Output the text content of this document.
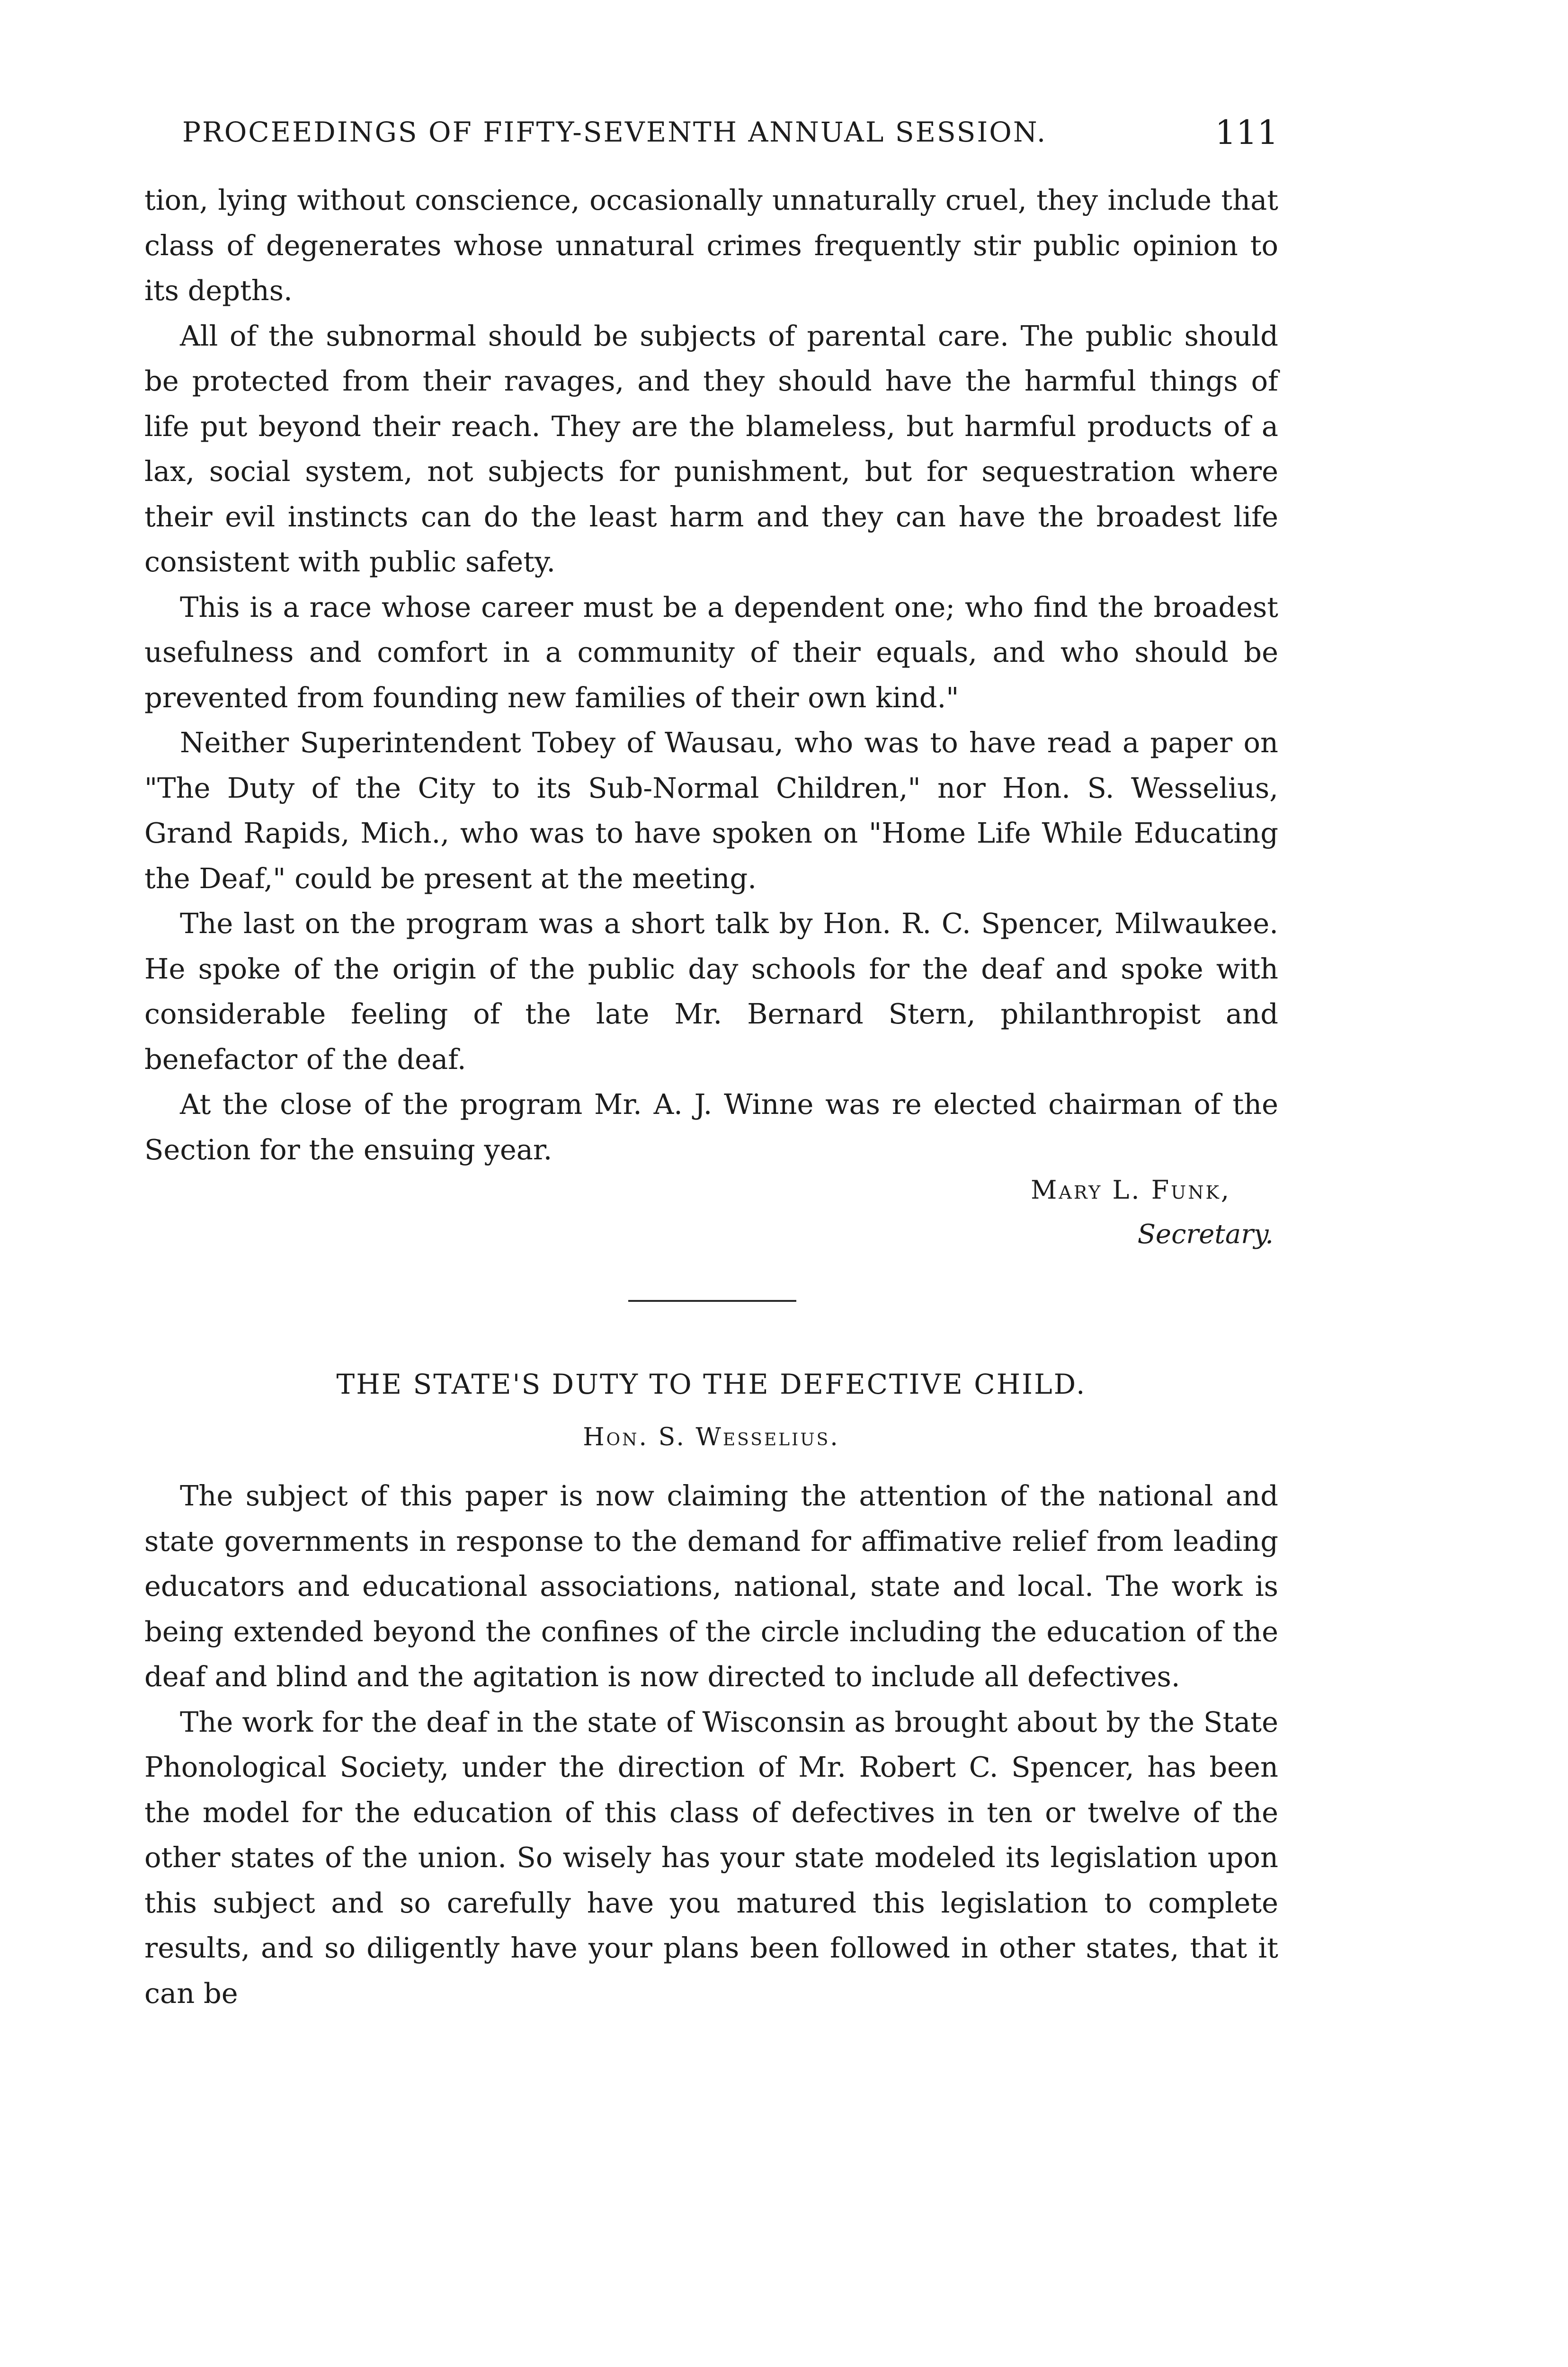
PROCEEDINGS OF FIFTY-SEVENTH ANNUAL SESSION.	111

tion, lying without conscience, occasionally unnaturally cruel, they include that class of degenerates whose unnatural crimes frequently stir public opinion to its depths.

All of the subnormal should be subjects of parental care. The public should be protected from their ravages, and they should have the harmful things of life put beyond their reach. They are the blameless, but harmful products of a lax, social system, not subjects for punishment, but for sequestration where their evil instincts can do the least harm and they can have the broadest life consistent with public safety.

This is a race whose career must be a dependent one; who find the broadest usefulness and comfort in a community of their equals, and who should be prevented from founding new families of their own kind."

Neither Superintendent Tobey of Wausau, who was to have read a paper on "The Duty of the City to its Sub-Normal Children," nor Hon. S. Wesselius, Grand Rapids, Mich., who was to have spoken on "Home Life While Educating the Deaf," could be present at the meeting.

The last on the program was a short talk by Hon. R. C. Spencer, Milwaukee. He spoke of the origin of the public day schools for the deaf and spoke with considerable feeling of the late Mr. Bernard Stern, philanthropist and benefactor of the deaf.

At the close of the program Mr. A. J. Winne was re elected chairman of the Section for the ensuing year.

Mary L. Funk,
Secretary.
THE STATE'S DUTY TO THE DEFECTIVE CHILD.
Hon. S. Wesselius.

The subject of this paper is now claiming the attention of the national and state governments in response to the demand for affimative relief from leading educators and educational associations, national, state and local. The work is being extended beyond the confines of the circle including the education of the deaf and blind and the agitation is now directed to include all defectives.

The work for the deaf in the state of Wisconsin as brought about by the State Phonological Society, under the direction of Mr. Robert C. Spencer, has been the model for the education of this class of defectives in ten or twelve of the other states of the union. So wisely has your state modeled its legislation upon this subject and so carefully have you matured this legislation to complete results, and so diligently have your plans been followed in other states, that it can be
